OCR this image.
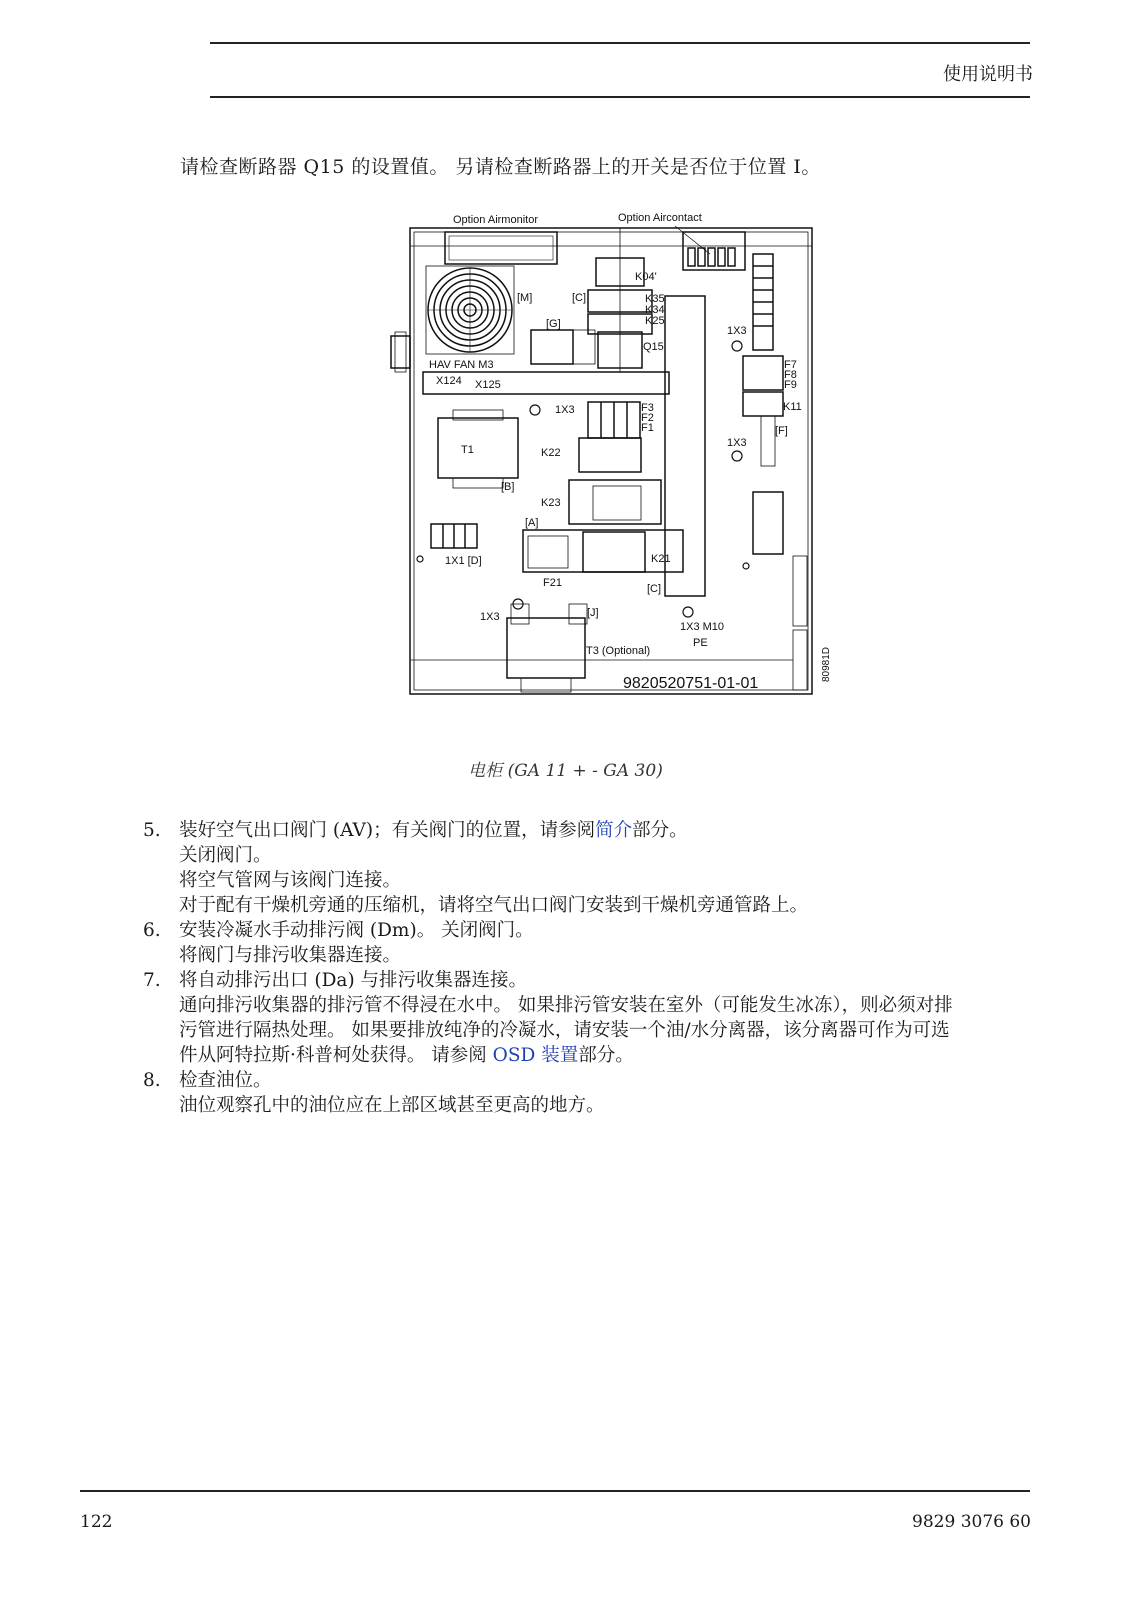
使用说明书
请检查断路器 Q15 的设置值。 另请检查断路器上的开关是否位于位置 I。
Option Airmonitor	Option Aircontact
K04'
[M]	[C]	K35
K34
K25
[G]
Q15
1X3
HAV FAN M3
X124 X125
F7
F8
F9
K11
[F]
1X3	F3
F2
F1
T1	K22
1X3
[B]
K23
[A]
1X1 [D]	K21
F21	[C]
1X3	[J]
1X3 M10
PE
T3 (Optional)
9820520751-01-01
80981D
电柜 (GA 11 + - GA 30)
5. 装好空气出口阀门 (AV)；有关阀门的位置，请参阅简介部分。
关闭阀门。
将空气管网与该阀门连接。
对于配有干燥机旁通的压缩机，请将空气出口阀门安装到干燥机旁通管路上。
6. 安装冷凝水手动排污阀 (Dm)。 关闭阀门。
将阀门与排污收集器连接。
7. 将自动排污出口 (Da) 与排污收集器连接。
通向排污收集器的排污管不得浸在水中。 如果排污管安装在室外（可能发生冰冻），则必须对排
污管进行隔热处理。 如果要排放纯净的冷凝水，请安装一个油/水分离器，该分离器可作为可选
件从阿特拉斯·科普柯处获得。 请参阅 OSD 装置部分。
8. 检查油位。
油位观察孔中的油位应在上部区域甚至更高的地方。
122	9829 3076 60
